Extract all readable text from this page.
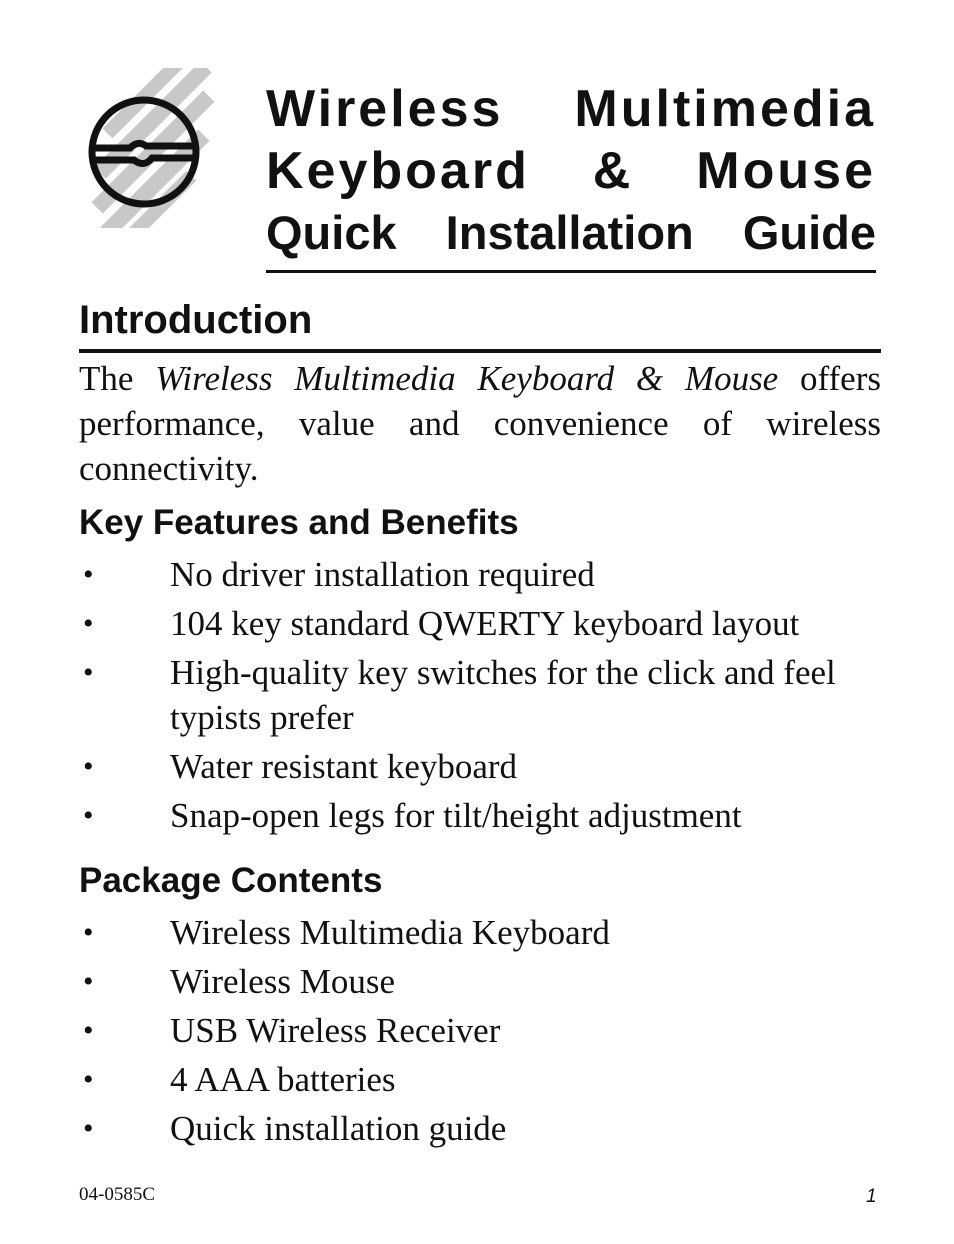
Wireless Multimedia
Keyboard & Mouse
Quick Installation Guide
Introduction
The Wireless Multimedia Keyboard & Mouse offers performance, value and convenience of wireless connectivity.
Key Features and Benefits
• No driver installation required
• 104 key standard QWERTY keyboard layout
• High-quality key switches for the click and feel typists prefer
• Water resistant keyboard
• Snap-open legs for tilt/height adjustment
Package Contents
• Wireless Multimedia Keyboard
• Wireless Mouse
• USB Wireless Receiver
• 4 AAA batteries
• Quick installation guide
04-0585C	1
